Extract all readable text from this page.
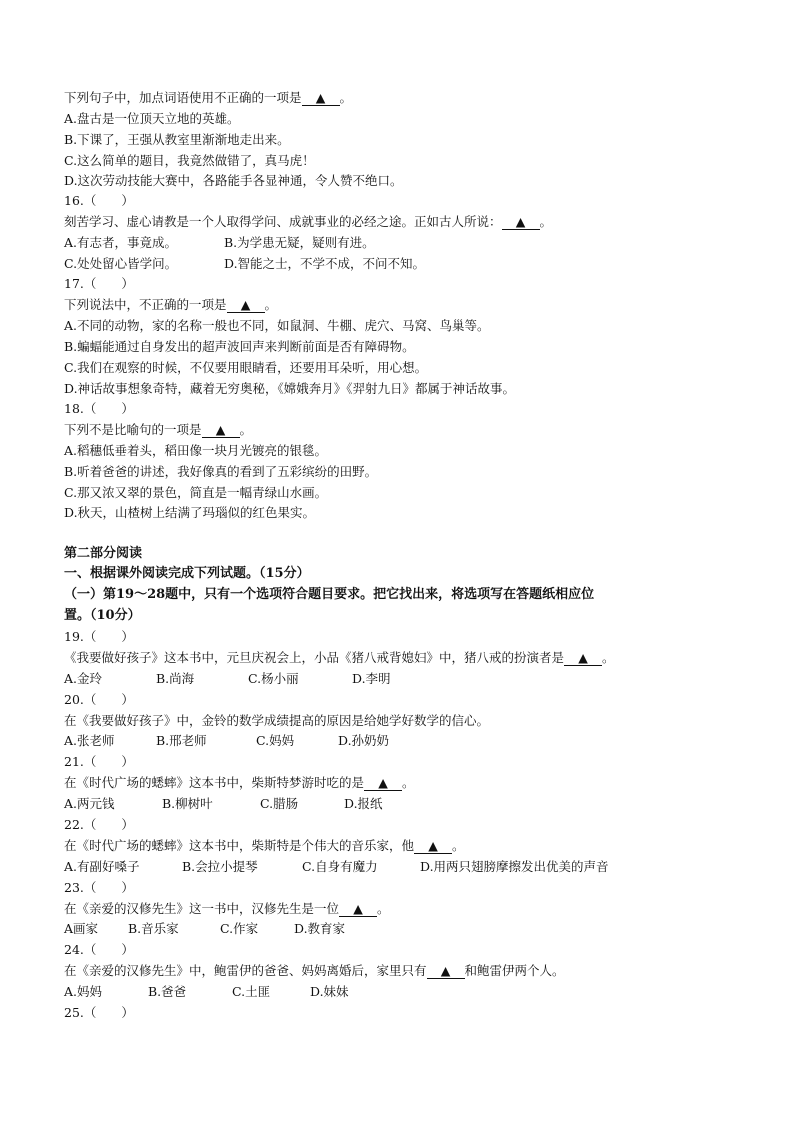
下列句子中，加点词语使用不正确的一项是 ▲ 。
A.盘古是一位顶天立地的英雄。
B.下课了，王强从教室里渐渐地走出来。
C.这么简单的题目，我竟然做错了，真马虎！
D.这次劳动技能大赛中，各路能手各显神通，令人赞不绝口。
16.（　　）
刻苦学习、虚心请教是一个人取得学问、成就事业的必经之途。正如古人所说： ▲ 。
A.有志者，事竟成。	B.为学患无疑，疑则有进。
C.处处留心皆学问。	D.智能之士，不学不成，不问不知。
17.（　　）
下列说法中，不正确的一项是 ▲ 。
A.不同的动物，家的名称一般也不同，如鼠洞、牛棚、虎穴、马窝、鸟巢等。
B.蝙蝠能通过自身发出的超声波回声来判断前面是否有障碍物。
C.我们在观察的时候，不仅要用眼睛看，还要用耳朵听，用心想。
D.神话故事想象奇特，藏着无穷奥秘，《嫦娥奔月》《羿射九日》都属于神话故事。
18.（　　）
下列不是比喻句的一项是 ▲ 。
A.稻穗低垂着头，稻田像一块月光镀亮的银毯。
B.听着爸爸的讲述，我好像真的看到了五彩缤纷的田野。
C.那又浓又翠的景色，简直是一幅青绿山水画。
D.秋天，山楂树上结满了玛瑙似的红色果实。
第二部分阅读
一、根据课外阅读完成下列试题。（15分）
（一）第19～28题中，只有一个选项符合题目要求。把它找出来，将选项写在答题纸相应位
置。（10分）
19.（　　）
《我要做好孩子》这本书中，元旦庆祝会上，小品《猪八戒背媳妇》中，猪八戒的扮演者是 ▲ 。
A.金玲	B.尚海	C.杨小丽	D.李明
20.（　　）
在《我要做好孩子》中，金铃的数学成绩提高的原因是给她学好数学的信心。
A.张老师	B.邢老师	C.妈妈	D.孙奶奶
21.（　　）
在《时代广场的蟋蟀》这本书中，柴斯特梦游时吃的是 ▲ 。
A.两元钱	B.柳树叶	C.腊肠	D.报纸
22.（　　）
在《时代广场的蟋蟀》这本书中，柴斯特是个伟大的音乐家，他 ▲ 。
A.有副好嗓子	B.会拉小提琴	C.自身有魔力	D.用两只翅膀摩擦发出优美的声音
23.（　　）
在《亲爱的汉修先生》这一书中，汉修先生是一位 ▲ 。
A画家 B.音乐家	C.作家	D.教育家
24.（　　）
在《亲爱的汉修先生》中，鲍雷伊的爸爸、妈妈离婚后，家里只有 ▲ 和鲍雷伊两个人。
A.妈妈	B.爸爸	C.土匪	D.妹妹
25.（　　）
